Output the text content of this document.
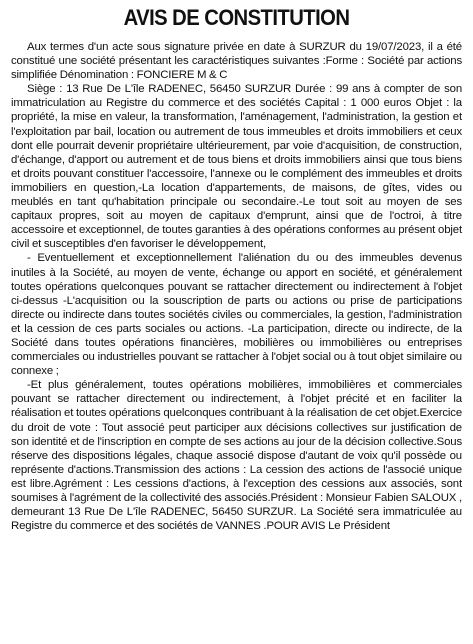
AVIS DE CONSTITUTION

Aux termes d'un acte sous signature privée en date à SURZUR du 19/07/2023, il a été constitué une société présentant les caractéristiques suivantes :Forme : Société par actions simplifiée Dénomination : FONCIERE M & C

Siège : 13 Rue De L'île RADENEC, 56450 SURZUR Durée : 99 ans à compter de son immatriculation au Registre du commerce et des sociétés Capital : 1 000 euros Objet : la propriété, la mise en valeur, la transformation, l'aménagement, l'administration, la gestion et l'exploitation par bail, location ou autrement de tous immeubles et droits immobiliers et ceux dont elle pourrait devenir propriétaire ultérieurement, par voie d'acquisition, de construction, d'échange, d'apport ou autrement et de tous biens et droits immobiliers ainsi que tous biens et droits pouvant constituer l'accessoire, l'annexe ou le complément des immeubles et droits immobiliers en question,-La location d'appartements, de maisons, de gîtes, vides ou meublés en tant qu'habitation principale ou secondaire.-Le tout soit au moyen de ses capitaux propres, soit au moyen de capitaux d'emprunt, ainsi que de l'octroi, à titre accessoire et exceptionnel, de toutes garanties à des opérations conformes au présent objet civil et susceptibles d'en favoriser le développement,

- Eventuellement et exceptionnellement l'aliénation du ou des immeubles devenus inutiles à la Société, au moyen de vente, échange ou apport en société, et généralement toutes opérations quelconques pouvant se rattacher directement ou indirectement à l'objet ci-dessus -L'acquisition ou la souscription de parts ou actions ou prise de participations directe ou indirecte dans toutes sociétés civiles ou commerciales, la gestion, l'administration et la cession de ces parts sociales ou actions. -La participation, directe ou indirecte, de la Société dans toutes opérations financières, mobilières ou immobilières ou entreprises commerciales ou industrielles pouvant se rattacher à l'objet social ou à tout objet similaire ou connexe ;

-Et plus généralement, toutes opérations mobilières, immobilières et commerciales pouvant se rattacher directement ou indirectement, à l'objet précité et en faciliter la réalisation et toutes opérations quelconques contribuant à la réalisation de cet objet.Exercice du droit de vote : Tout associé peut participer aux décisions collectives sur justification de son identité et de l'inscription en compte de ses actions au jour de la décision collective.Sous réserve des dispositions légales, chaque associé dispose d'autant de voix qu'il possède ou représente d'actions.Transmission des actions : La cession des actions de l'associé unique est libre.Agrément : Les cessions d'actions, à l'exception des cessions aux associés, sont soumises à l'agrément de la collectivité des associés.Président : Monsieur Fabien SALOUX , demeurant 13 Rue De L'île RADENEC, 56450 SURZUR. La Société sera immatriculée au Registre du commerce et des sociétés de VANNES .POUR AVIS Le Président
